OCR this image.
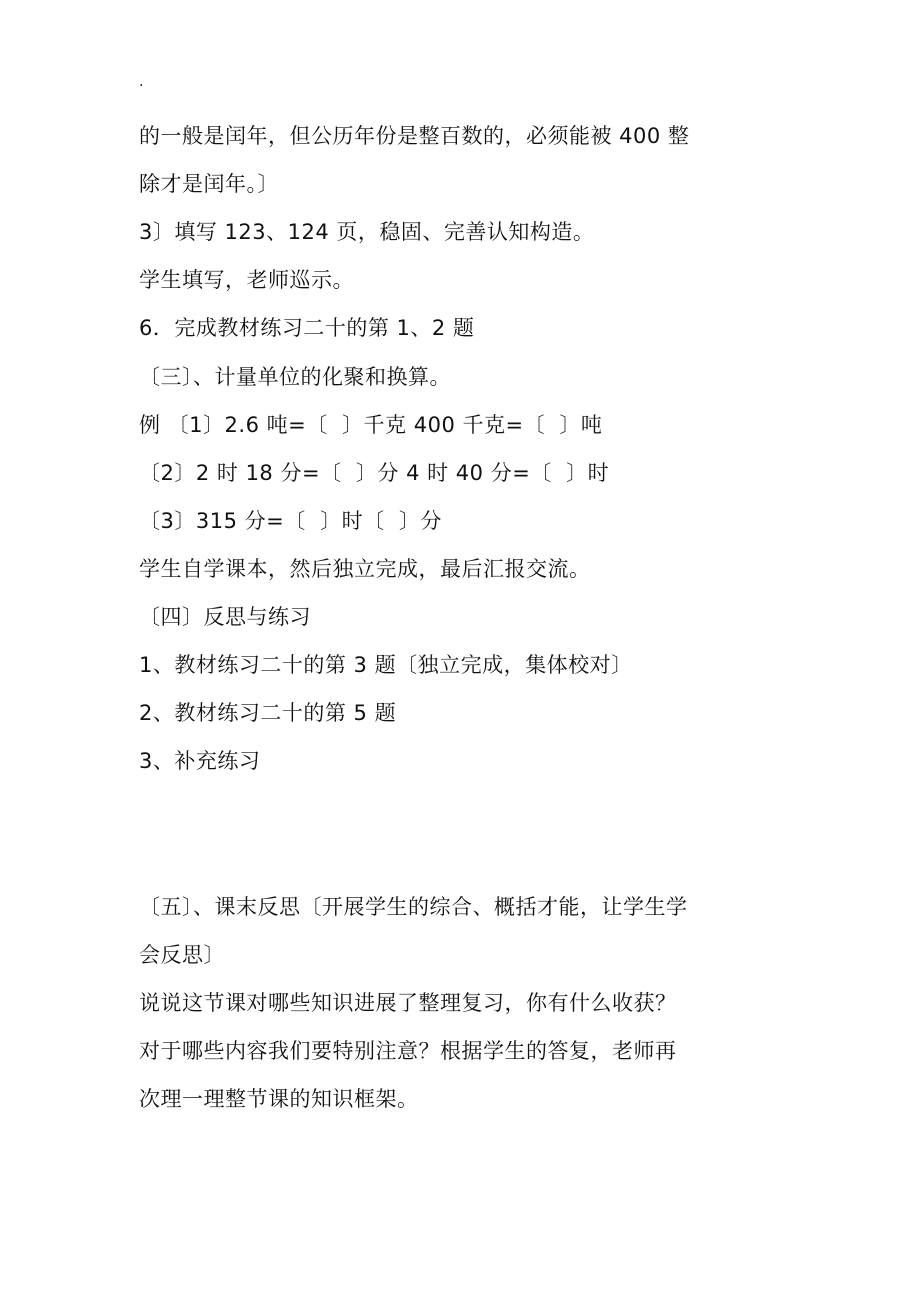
.
的一般是闰年，但公历年份是整百数的，必须能被 400 整
除才是闰年。〕
3〕填写 123、124 页，稳固、完善认知构造。
学生填写，老师巡示。
6．完成教材练习二十的第 1、2 题
〔三〕、计量单位的化聚和换算。
例 〔1〕2.6 吨=〔  〕千克 400 千克=〔  〕吨
〔2〕2 时 18 分=〔  〕分 4 时 40 分=〔  〕时
〔3〕315 分=〔  〕时〔  〕分
学生自学课本，然后独立完成，最后汇报交流。
〔四〕反思与练习
1、教材练习二十的第 3 题〔独立完成，集体校对〕
2、教材练习二十的第 5 题
3、补充练习
〔五〕、课末反思〔开展学生的综合、概括才能，让学生学
会反思〕
说说这节课对哪些知识进展了整理复习，你有什么收获？
对于哪些内容我们要特别注意？根据学生的答复，老师再
次理一理整节课的知识框架。
